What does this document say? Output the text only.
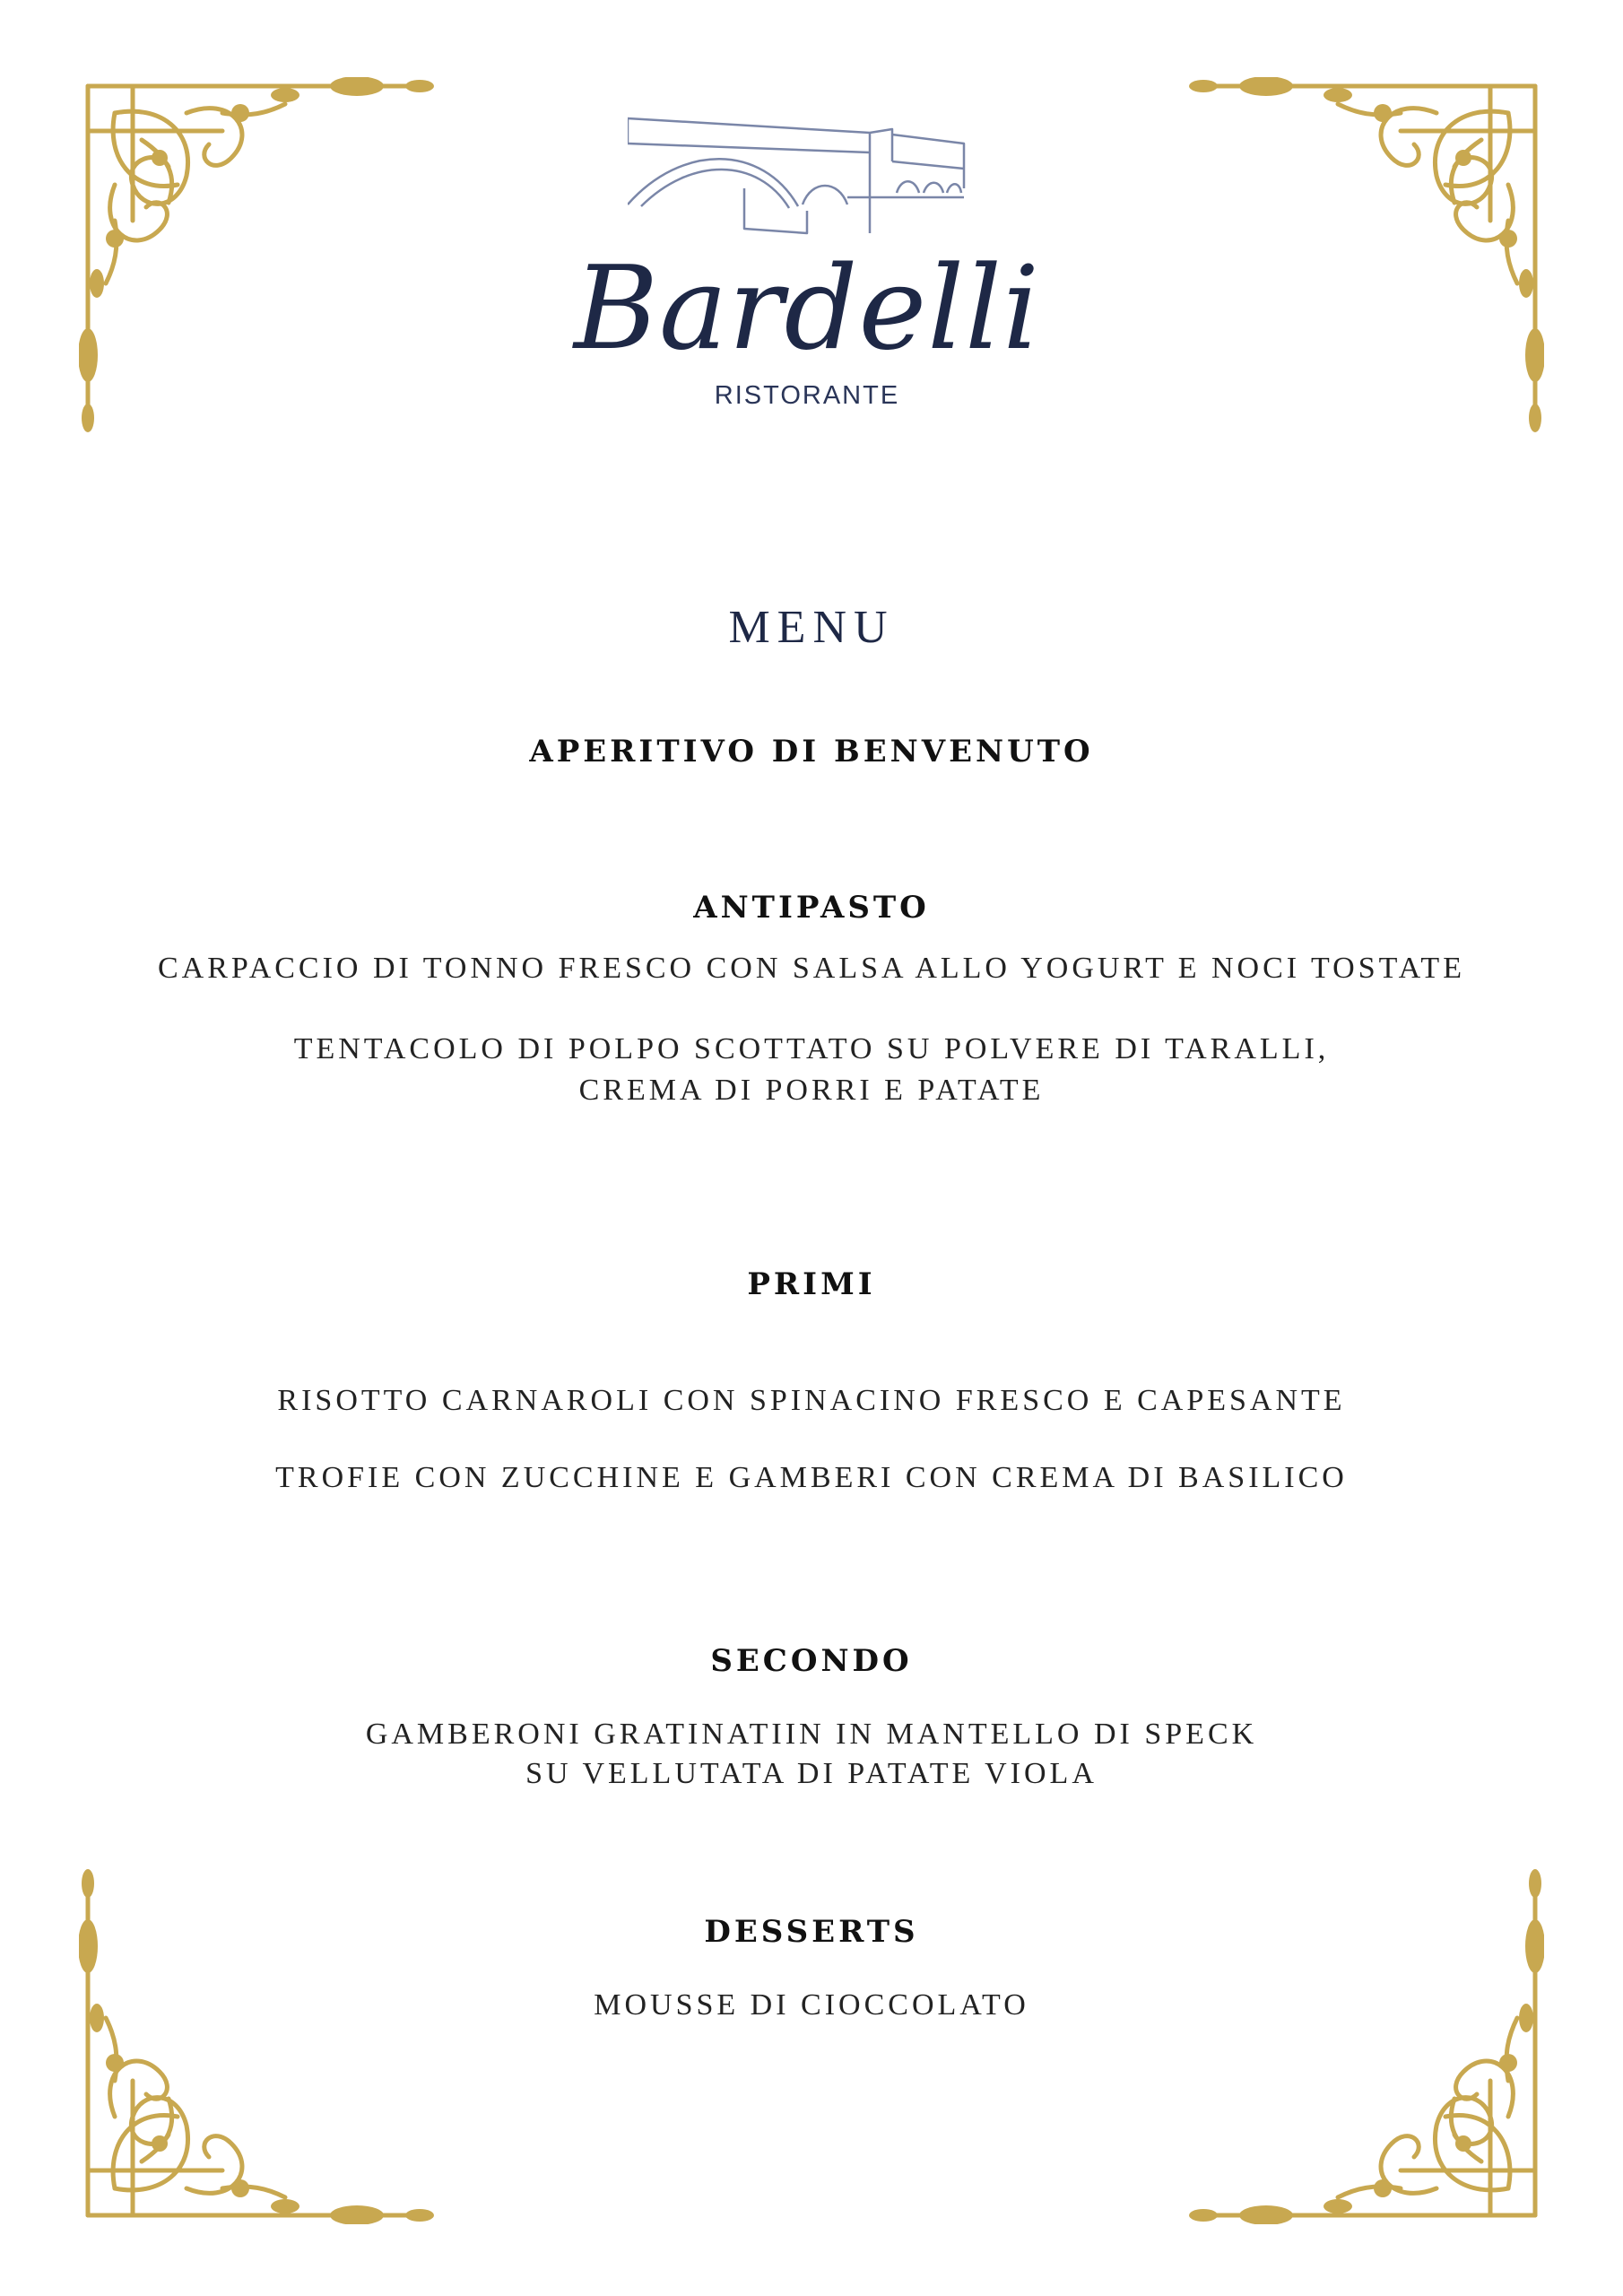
Bardelli
RISTORANTE
MENU
APERITIVO DI BENVENUTO
ANTIPASTO
CARPACCIO DI TONNO FRESCO CON SALSA ALLO YOGURT E NOCI TOSTATE
TENTACOLO DI POLPO SCOTTATO SU POLVERE DI TARALLI,
CREMA DI PORRI E PATATE
PRIMI
RISOTTO CARNAROLI CON SPINACINO FRESCO E CAPESANTE
TROFIE CON ZUCCHINE E GAMBERI CON CREMA DI BASILICO
SECONDO
GAMBERONI GRATINATIIN IN MANTELLO DI SPECK
SU VELLUTATA DI PATATE VIOLA
DESSERTS
MOUSSE DI CIOCCOLATO
